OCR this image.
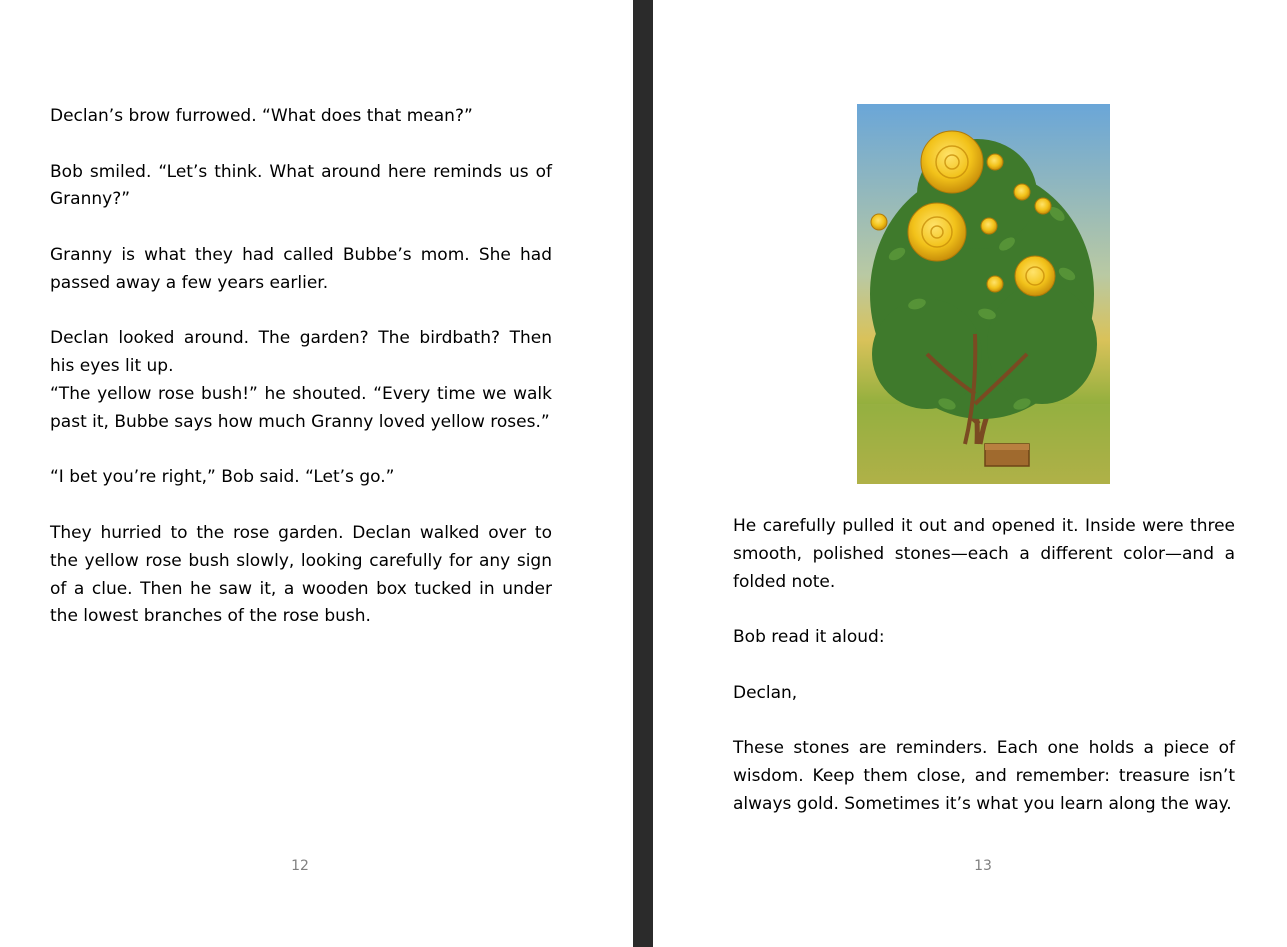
Declan’s brow furrowed. “What does that mean?”

Bob smiled. “Let’s think. What around here reminds us of Granny?”

Granny is what they had called Bubbe’s mom. She had passed away a few years earlier.

Declan looked around. The garden? The birdbath? Then his eyes lit up.

“The yellow rose bush!” he shouted. “Every time we walk past it, Bubbe says how much Granny loved yellow roses.”

“I bet you’re right,” Bob said. “Let’s go.”

They hurried to the rose garden. Declan walked over to the yellow rose bush slowly, looking carefully for any sign of a clue. Then he saw it, a wooden box tucked in under the lowest branches of the rose bush.

12

He carefully pulled it out and opened it. Inside were three smooth, polished stones—each a different color—and a folded note.

Bob read it aloud:

Declan,

These stones are reminders. Each one holds a piece of wisdom. Keep them close, and remember: treasure isn’t always gold. Sometimes it’s what you learn along the way.

13
